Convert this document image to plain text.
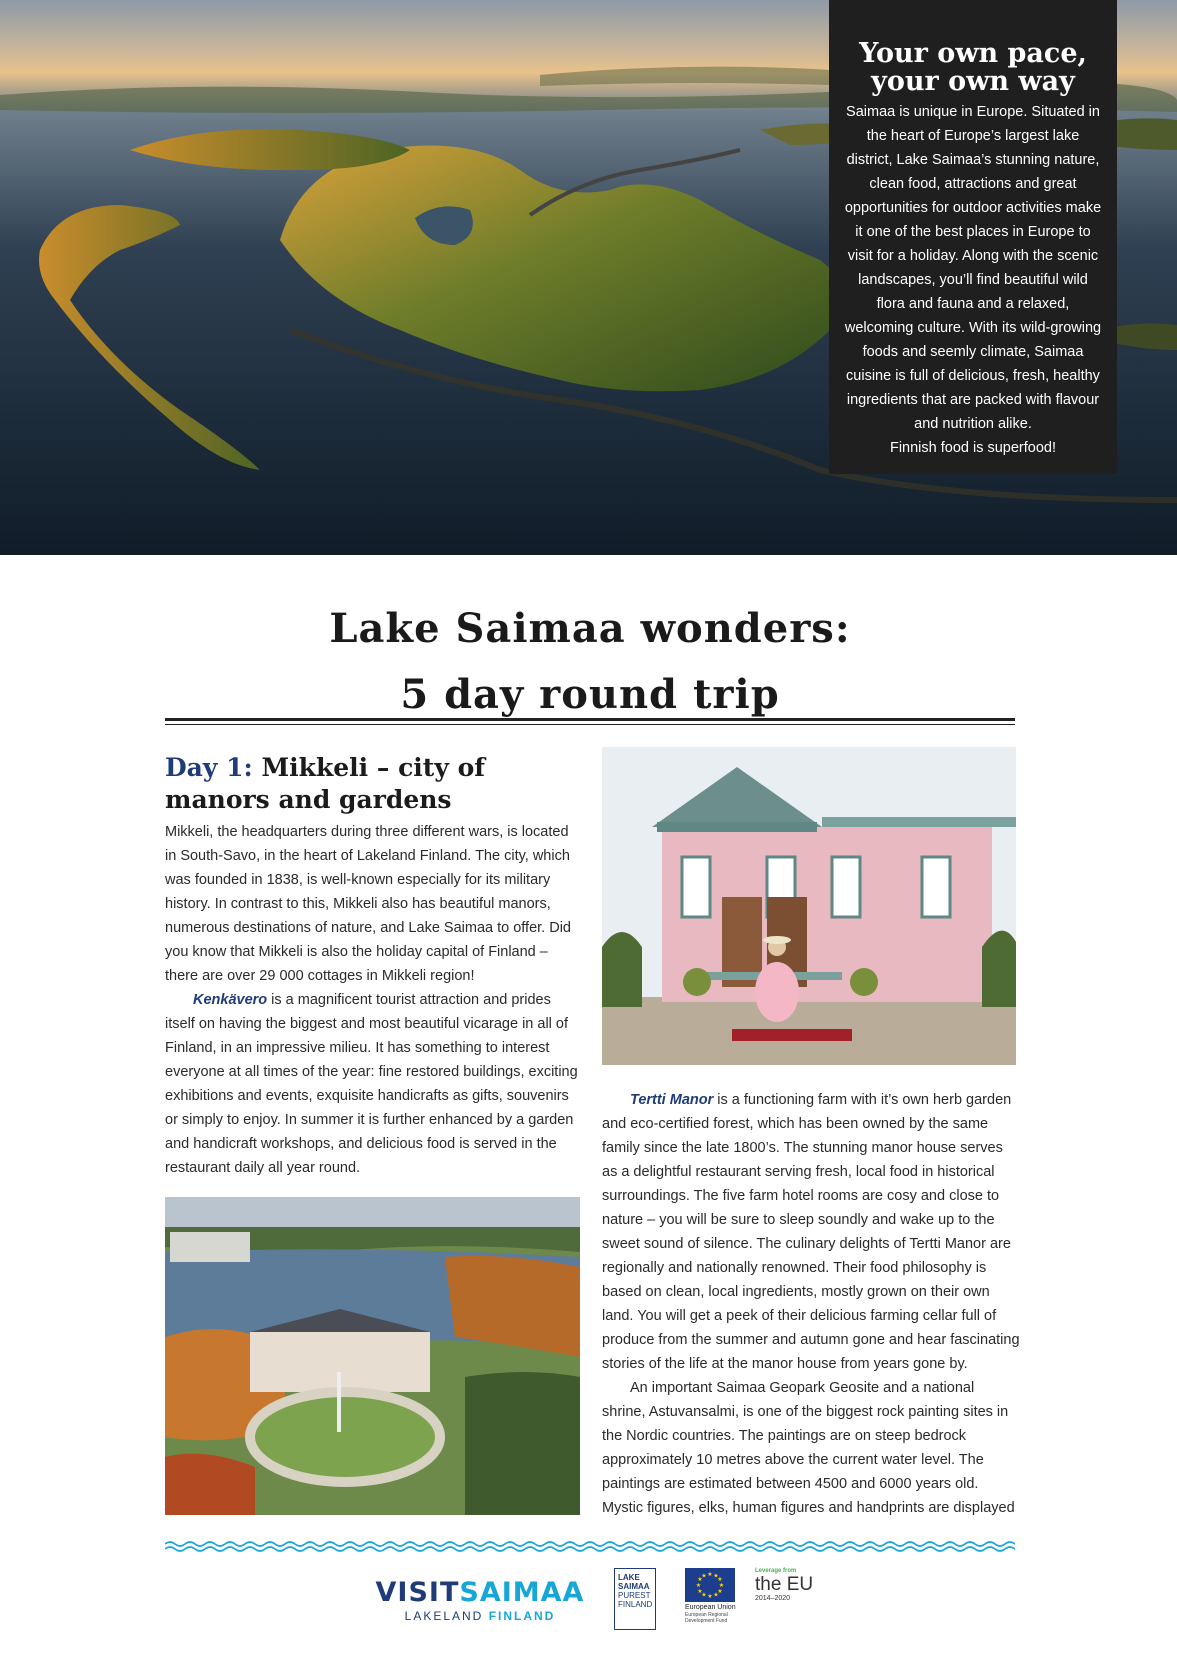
Your own pace,
your own way

Saimaa is unique in Europe. Situated in the heart of Europe’s largest lake district, Lake Saimaa’s stunning nature, clean food, attractions and great opportunities for outdoor activities make it one of the best places in Europe to visit for a holiday. Along with the scenic landscapes, you’ll find beautiful wild flora and fauna and a relaxed, welcoming culture. With its wild-growing foods and seemly climate, Saimaa cuisine is full of delicious, fresh, healthy ingredients that are packed with flavour and nutrition alike.
Finnish food is superfood!

Lake Saimaa wonders:
5 day round trip
Day 1: Mikkeli – city of manors and gardens

Mikkeli, the headquarters during three different wars, is located in South-Savo, in the heart of Lakeland Finland. The city, which was founded in 1838, is well-known especially for its military history. In contrast to this, Mikkeli also has beautiful manors, numerous destinations of nature, and Lake Saimaa to offer. Did you know that Mikkeli is also the holiday capital of Finland – there are over 29 000 cottages in Mikkeli region!

Kenkävero is a magnificent tourist attraction and prides itself on having the biggest and most beautiful vicarage in all of Finland, in an impressive milieu. It has something to interest everyone at all times of the year: fine restored buildings, exciting exhibitions and events, exquisite handicrafts as gifts, souvenirs or simply to enjoy. In summer it is further enhanced by a garden and handicraft workshops, and delicious food is served in the restaurant daily all year round.

Tertti Manor is a functioning farm with it’s own herb garden and eco-certified forest, which has been owned by the same family since the late 1800’s. The stunning manor house serves as a delightful restaurant serving fresh, local food in historical surroundings. The five farm hotel rooms are cosy and close to nature – you will be sure to sleep soundly and wake up to the sweet sound of silence. The culinary delights of Tertti Manor are regionally and nationally renowned. Their food philosophy is based on clean, local ingredients, mostly grown on their own land. You will get a peek of their delicious farming cellar full of produce from the summer and autumn gone and hear fascinating stories of the life at the manor house from years gone by.

An important Saimaa Geopark Geosite and a national shrine, Astuvansalmi, is one of the biggest rock painting sites in the Nordic countries. The paintings are on steep bedrock approximately 10 metres above the current water level. The paintings are estimated between 4500 and 6000 years old. Mystic figures, elks, human figures and handprints are displayed

VISITSAIMAA
LAKELAND FINLAND
LAKE
SAIMAA
PUREST
FINLAND
★ ★
★
★
★
★
★
★
★
★
★
★
European Union
European Regional Development Fund
Leverage from
the EU
2014–2020
